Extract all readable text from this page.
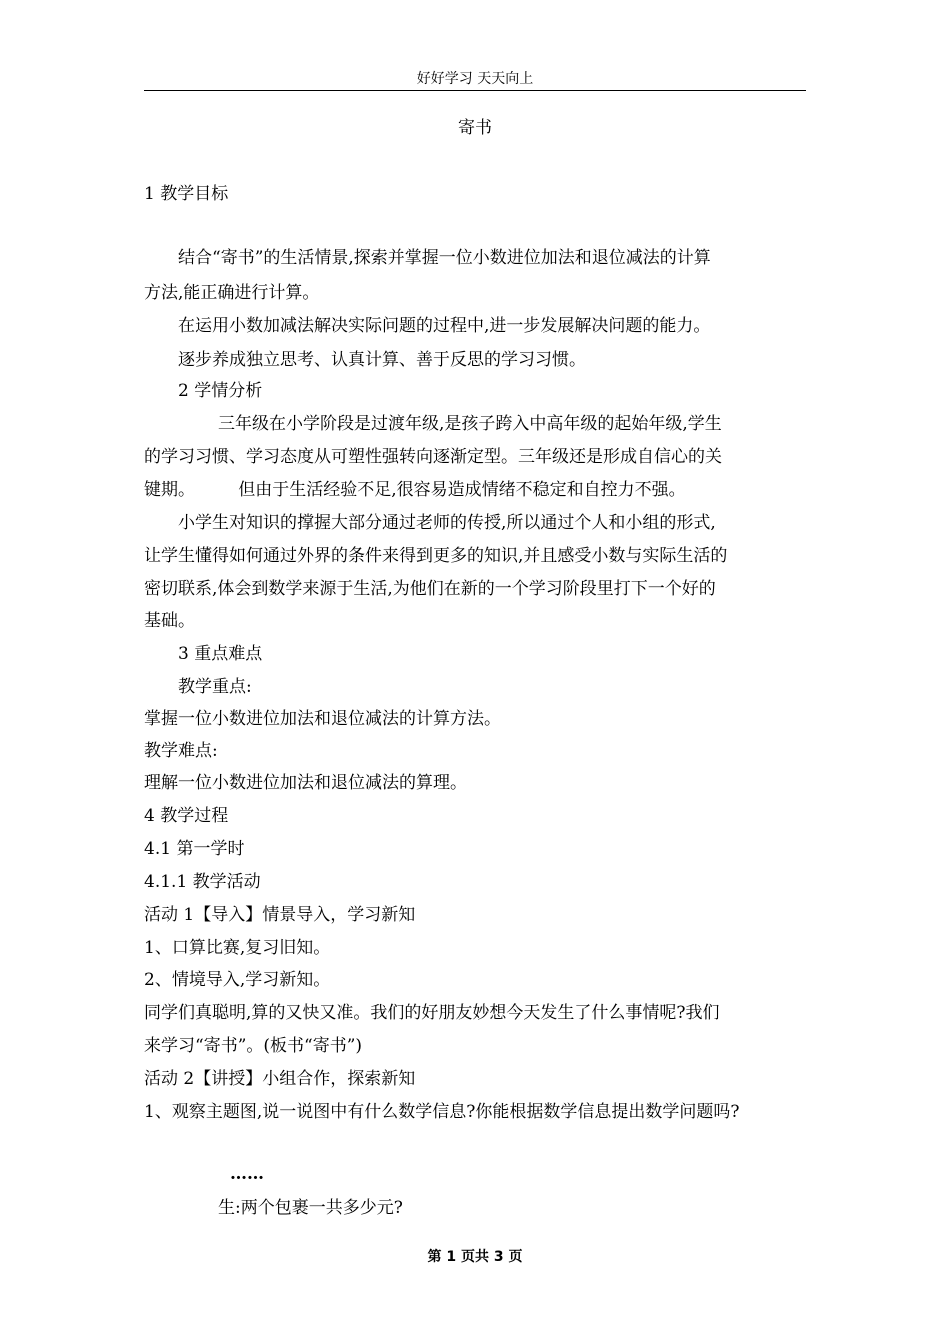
好好学习 天天向上
寄书
1 教学目标
结合“寄书”的生活情景,探索并掌握一位小数进位加法和退位减法的计算
方法,能正确进行计算。
在运用小数加减法解决实际问题的过程中,进一步发展解决问题的能力。
逐步养成独立思考、认真计算、善于反思的学习习惯。
2 学情分析
三年级在小学阶段是过渡年级,是孩子跨入中高年级的起始年级,学生
的学习习惯、学习态度从可塑性强转向逐渐定型。三年级还是形成自信心的关
键期。        但由于生活经验不足,很容易造成情绪不稳定和自控力不强。
小学生对知识的撑握大部分通过老师的传授,所以通过个人和小组的形式,
让学生懂得如何通过外界的条件来得到更多的知识,并且感受小数与实际生活的
密切联系,体会到数学来源于生活,为他们在新的一个学习阶段里打下一个好的
基础。
3 重点难点
教学重点:
掌握一位小数进位加法和退位减法的计算方法。
教学难点:
理解一位小数进位加法和退位减法的算理。
4 教学过程
4.1 第一学时
4.1.1 教学活动
活动 1【导入】情景导入，学习新知
1、口算比赛,复习旧知。
2、情境导入,学习新知。
同学们真聪明,算的又快又准。我们的好朋友妙想今天发生了什么事情呢?我们
来学习“寄书”。(板书“寄书”)
活动 2【讲授】小组合作，探索新知
1、观察主题图,说一说图中有什么数学信息?你能根据数学信息提出数学问题吗?
……
生:两个包裹一共多少元?
第 1 页共 3 页
